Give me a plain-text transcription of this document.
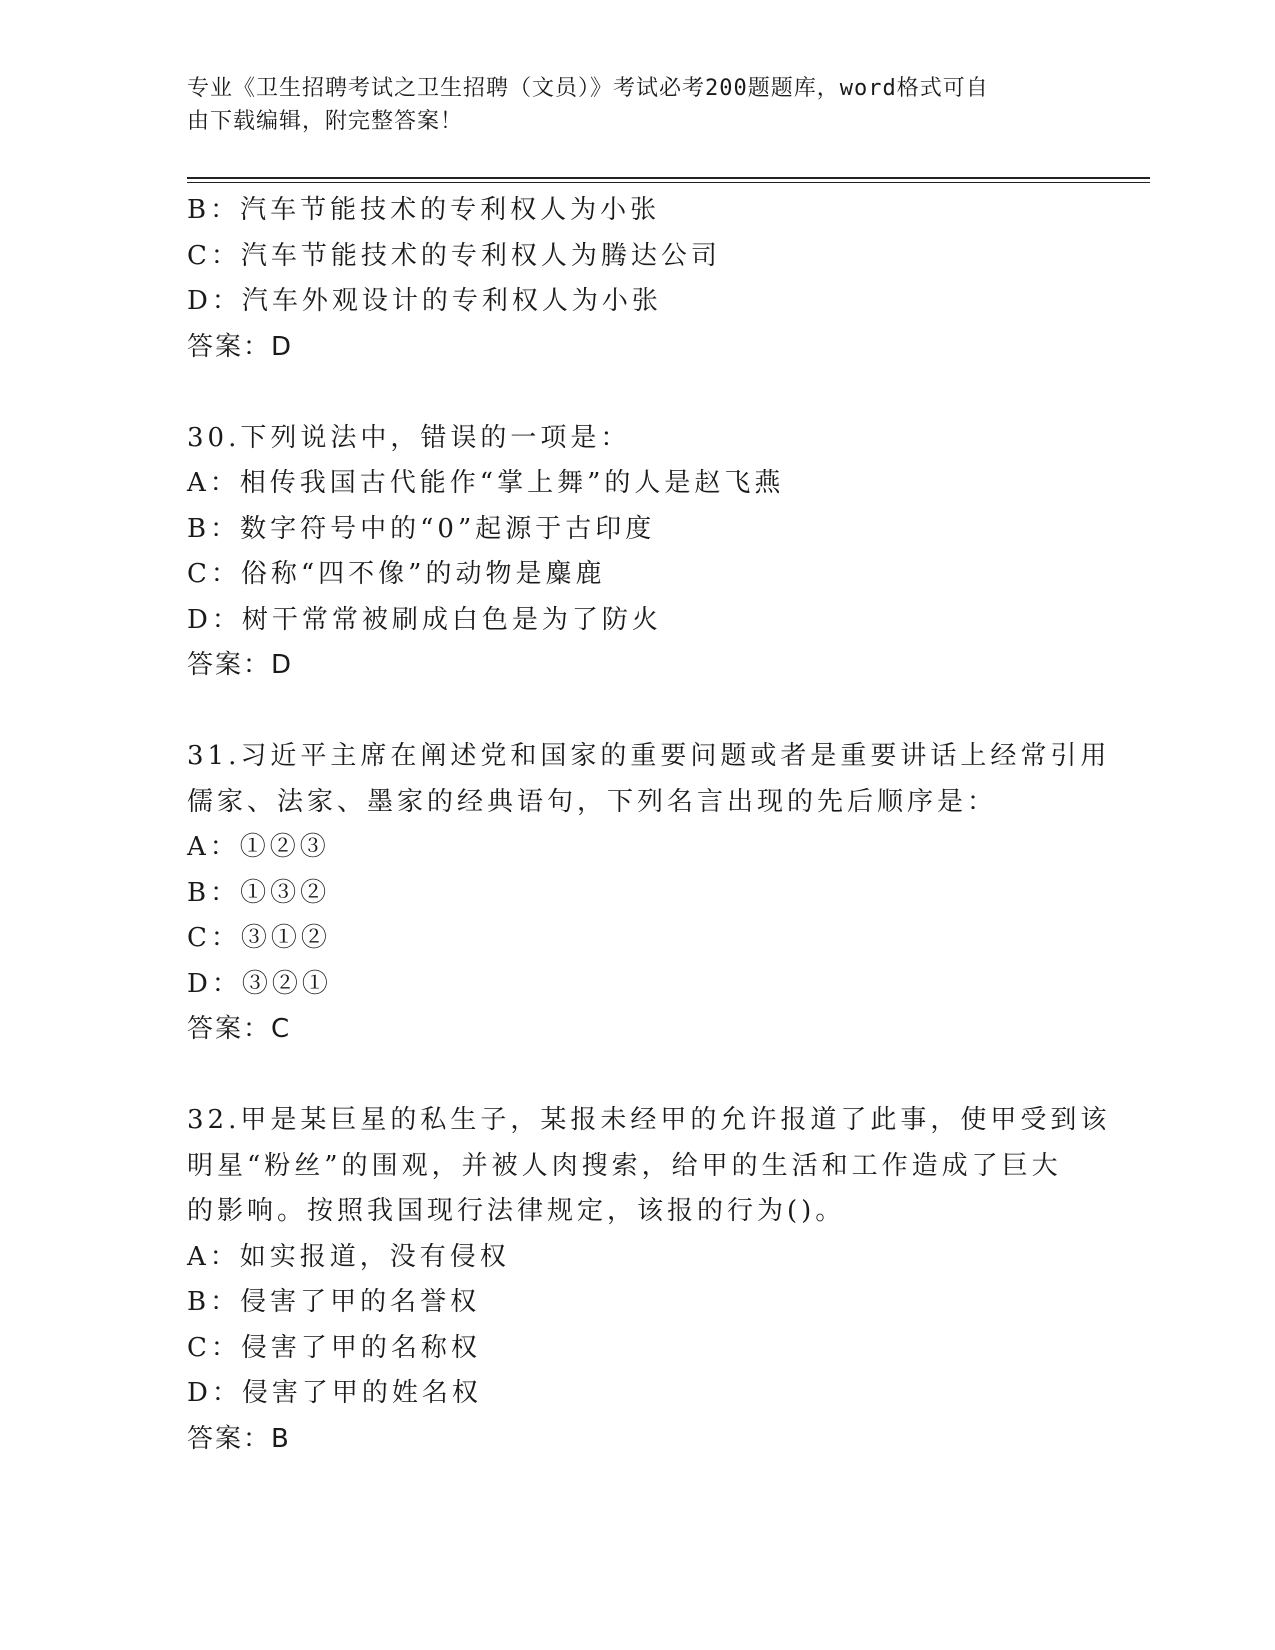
专业《卫生招聘考试之卫生招聘（文员）》考试必考200题题库，word格式可自
由下载编辑，附完整答案！
B：汽车节能技术的专利权人为小张
C：汽车节能技术的专利权人为腾达公司
D：汽车外观设计的专利权人为小张
答案：D
30.下列说法中，错误的一项是：
A：相传我国古代能作“掌上舞”的人是赵飞燕
B：数字符号中的“0”起源于古印度
C：俗称“四不像”的动物是麋鹿
D：树干常常被刷成白色是为了防火
答案：D
31.习近平主席在阐述党和国家的重要问题或者是重要讲话上经常引用
儒家、法家、墨家的经典语句，下列名言出现的先后顺序是：
A：①②③
B：①③②
C：③①②
D：③②①
答案：C
32.甲是某巨星的私生子，某报未经甲的允许报道了此事，使甲受到该
明星“粉丝”的围观，并被人肉搜索，给甲的生活和工作造成了巨大
的影响。按照我国现行法律规定，该报的行为()。
A：如实报道，没有侵权
B：侵害了甲的名誉权
C：侵害了甲的名称权
D：侵害了甲的姓名权
答案：B
